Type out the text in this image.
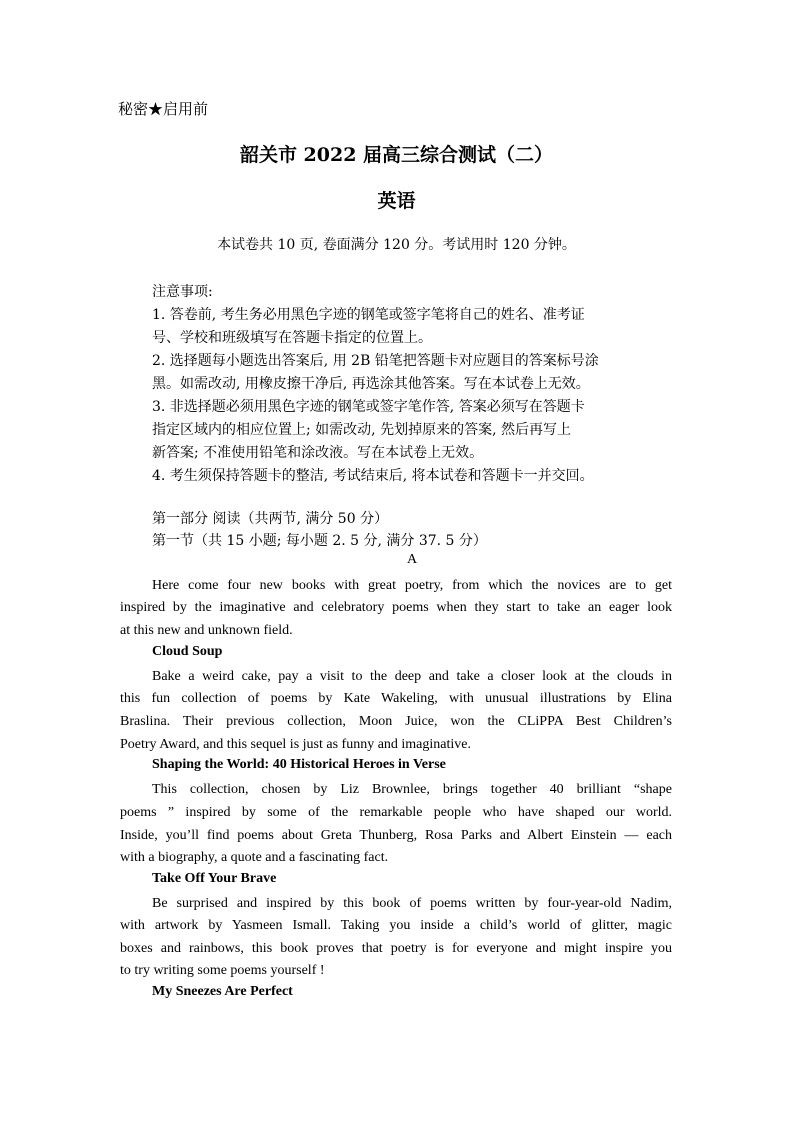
秘密★启用前
韶关市 2022 届高三综合测试（二）
英语
本试卷共 10 页, 卷面满分 120 分。考试用时 120 分钟。
注意事项:
1. 答卷前, 考生务必用黑色字迹的钢笔或签字笔将自己的姓名、准考证
号、学校和班级填写在答题卡指定的位置上。
2. 选择题每小题选出答案后, 用 2B 铅笔把答题卡对应题目的答案标号涂
黑。如需改动, 用橡皮擦干净后, 再选涂其他答案。写在本试卷上无效。
3. 非选择题必须用黑色字迹的钢笔或签字笔作答, 答案必须写在答题卡
指定区域内的相应位置上; 如需改动, 先划掉原来的答案, 然后再写上
新答案; 不准使用铅笔和涂改液。写在本试卷上无效。
4. 考生须保持答题卡的整洁, 考试结束后, 将本试卷和答题卡一并交回。
第一部分 阅读（共两节, 满分 50 分）
第一节（共 15 小题; 每小题 2. 5 分, 满分 37. 5 分）
A
Here come four new books with great poetry, from which the novices are to get
inspired by the imaginative and celebratory poems when they start to take an eager look
at this new and unknown field.
Cloud Soup
Bake a weird cake, pay a visit to the deep and take a closer look at the clouds in
this fun collection of poems by Kate Wakeling, with unusual illustrations by Elina
Braslina. Their previous collection, Moon Juice, won the CLiPPA Best Children’s
Poetry Award, and this sequel is just as funny and imaginative.
Shaping the World: 40 Historical Heroes in Verse
This collection, chosen by Liz Brownlee, brings together 40 brilliant “shape
poems ” inspired by some of the remarkable people who have shaped our world.
Inside, you’ll find poems about Greta Thunberg, Rosa Parks and Albert Einstein — each
with a biography, a quote and a fascinating fact.
Take Off Your Brave
Be surprised and inspired by this book of poems written by four-year-old Nadim,
with artwork by Yasmeen Ismall. Taking you inside a child’s world of glitter, magic
boxes and rainbows, this book proves that poetry is for everyone and might inspire you
to try writing some poems yourself !
My Sneezes Are Perfect
